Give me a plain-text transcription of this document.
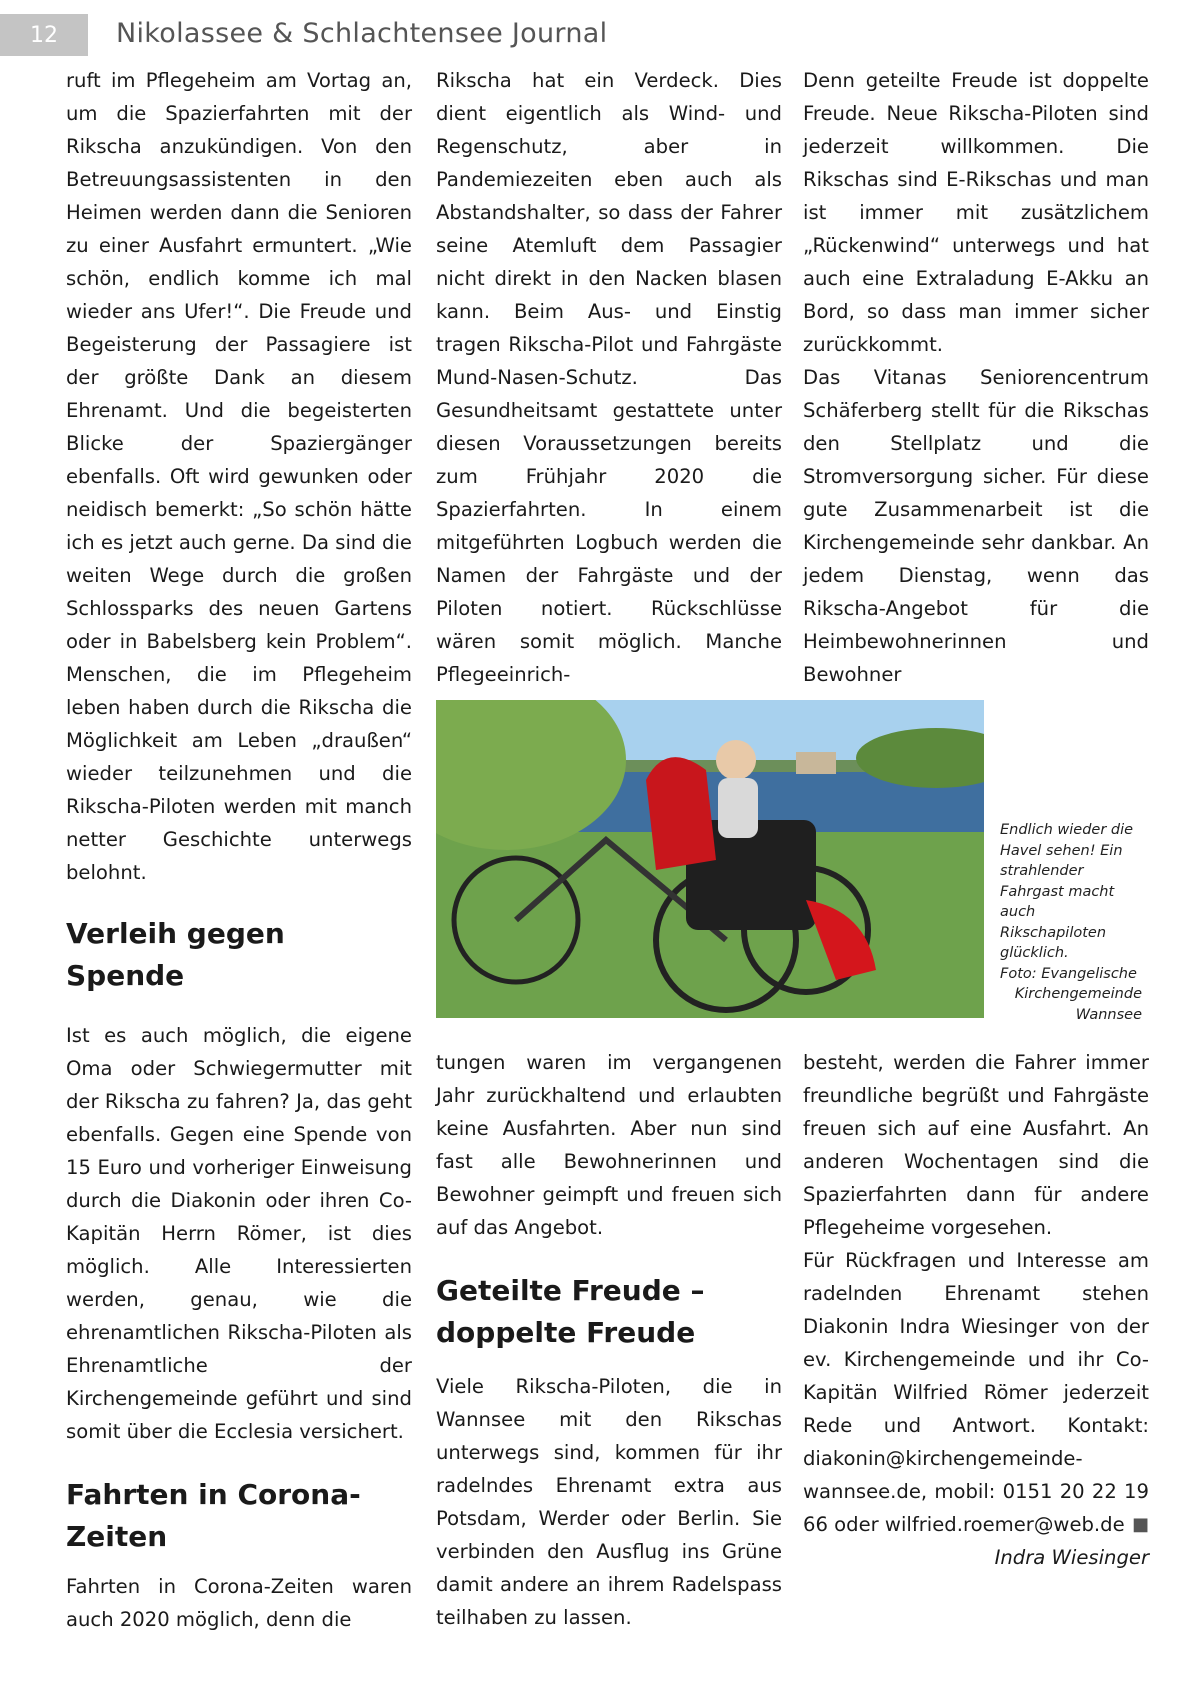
12	Nikolassee & Schlachtensee Journal

ruft im Pflegeheim am Vortag an, um die Spazierfahrten mit der Rikscha anzukündigen. Von den Betreuungsassistenten in den Heimen werden dann die Senioren zu einer Ausfahrt ermuntert. „Wie schön, endlich komme ich mal wieder ans Ufer!“. Die Freude und Begeisterung der Passagiere ist der größte Dank an diesem Ehrenamt. Und die begeisterten Blicke der Spaziergänger ebenfalls. Oft wird gewunken oder neidisch bemerkt: „So schön hätte ich es jetzt auch gerne. Da sind die weiten Wege durch die großen Schlossparks des neuen Gartens oder in Babelsberg kein Problem“. Menschen, die im Pflegeheim leben haben durch die Rikscha die Möglichkeit am Leben „draußen“ wieder teilzunehmen und die Rikscha-Piloten werden mit manch netter Geschichte unterwegs belohnt.

Verleih gegen Spende

Ist es auch möglich, die eigene Oma oder Schwiegermutter mit der Rikscha zu fahren? Ja, das geht ebenfalls. Gegen eine Spende von 15 Euro und vorheriger Einweisung durch die Diakonin oder ihren Co-Kapitän Herrn Römer, ist dies möglich. Alle Interessierten werden, genau, wie die ehrenamtlichen Rikscha-Piloten als Ehrenamtliche der Kirchengemeinde geführt und sind somit über die Ecclesia versichert.

Fahrten in Corona-Zeiten

Fahrten in Corona-Zeiten waren auch 2020 möglich, denn die

Rikscha hat ein Verdeck. Dies dient eigentlich als Wind- und Regenschutz, aber in Pandemiezeiten eben auch als Abstandshalter, so dass der Fahrer seine Atemluft dem Passagier nicht direkt in den Nacken blasen kann. Beim Aus- und Einstig tragen Rikscha-Pilot und Fahrgäste Mund-Nasen-Schutz. Das Gesundheitsamt gestattete unter diesen Voraussetzungen bereits zum Frühjahr 2020 die Spazierfahrten. In einem mitgeführten Logbuch werden die Namen der Fahrgäste und der Piloten notiert. Rückschlüsse wären somit möglich. Manche Pflegeeinrich-

Denn geteilte Freude ist doppelte Freude. Neue Rikscha-Piloten sind jederzeit willkommen. Die Rikschas sind E-Rikschas und man ist immer mit zusätzlichem „Rückenwind“ unterwegs und hat auch eine Extraladung E-Akku an Bord, so dass man immer sicher zurückkommt.

Das Vitanas Seniorencentrum Schäferberg stellt für die Rikschas den Stellplatz und die Stromversorgung sicher. Für diese gute Zusammenarbeit ist die Kirchengemeinde sehr dankbar. An jedem Dienstag, wenn das Rikscha-Angebot für die Heimbewohnerinnen und Bewohner

Endlich wieder die Havel sehen! Ein strahlender Fahrgast macht auch Rikschapiloten glücklich.
Foto: Evangelische
Kirchengemeinde
Wannsee

tungen waren im vergangenen Jahr zurückhaltend und erlaubten keine Ausfahrten. Aber nun sind fast alle Bewohnerinnen und Bewohner geimpft und freuen sich auf das Angebot.

Geteilte Freude – doppelte Freude

Viele Rikscha-Piloten, die in Wannsee mit den Rikschas unterwegs sind, kommen für ihr radelndes Ehrenamt extra aus Potsdam, Werder oder Berlin. Sie verbinden den Ausflug ins Grüne damit andere an ihrem Radelspass teilhaben zu lassen.

besteht, werden die Fahrer immer freundliche begrüßt und Fahrgäste freuen sich auf eine Ausfahrt. An anderen Wochentagen sind die Spazierfahrten dann für andere Pflegeheime vorgesehen.

Für Rückfragen und Interesse am radelnden Ehrenamt stehen Diakonin Indra Wiesinger von der ev. Kirchengemeinde und ihr Co-Kapitän Wilfried Römer jederzeit Rede und Antwort. Kontakt: diakonin@kirchengemeinde-wannsee.de, mobil: 0151 20 22 19 66 oder wilfried.roemer@web.de ■

Indra Wiesinger
